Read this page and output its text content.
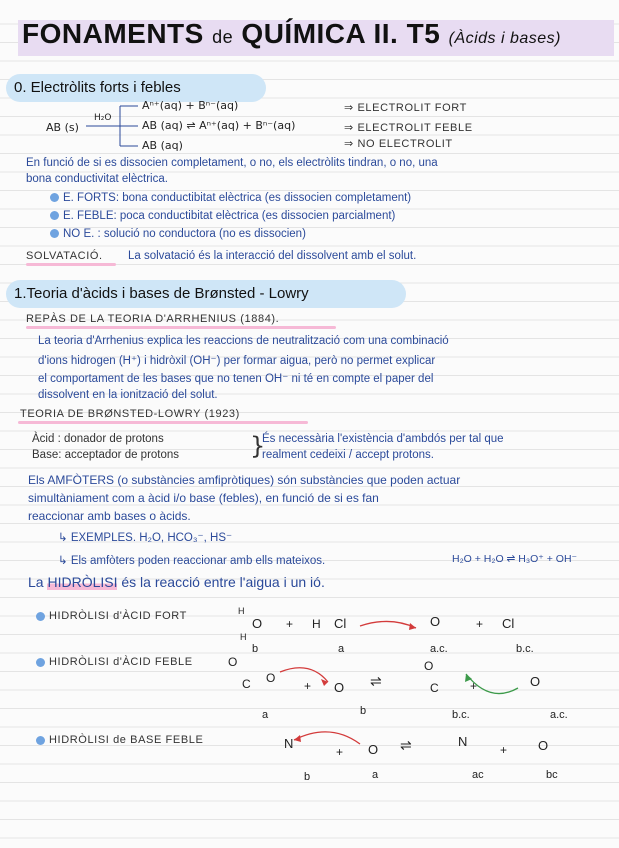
FONAMENTS de QUÍMICA II. T5 (Àcids i bases)
0. Electròlits forts i febles
AB (s)
H₂O
Aⁿ⁺(aq) + Bⁿ⁻(aq)
AB (aq) ⇌ Aⁿ⁺(aq) + Bⁿ⁻(aq)
AB (aq)
⇒ ELECTROLIT FORT
⇒ ELECTROLIT FEBLE
⇒ NO ELECTROLIT
En funció de si es dissocien completament, o no, els electròlits tindran, o no, una
bona conductivitat elèctrica.
E. FORTS: bona conductibitat elèctrica (es dissocien completament)
E. FEBLE: poca conductibitat elèctrica (es dissocien parcialment)
NO E. : solució no conductora (no es dissocien)
SOLVATACIÓ. La solvatació és la interacció del dissolvent amb el solut.
1.Teoria d'àcids i bases de Brønsted - Lowry
REPÀS DE LA TEORIA D'ARRHENIUS (1884).
La teoria d'Arrhenius explica les reaccions de neutralització com una combinació
d'ions hidrogen (H⁺) i hidròxil (OH⁻) per formar aigua, però no permet explicar
el comportament de les bases que no tenen OH⁻ ni té en compte el paper del
dissolvent en la ionització del solut.
TEORIA DE BRØNSTED-LOWRY (1923)
Àcid : donador de protons
Base: acceptador de protons	}
És necessària l'existència d'ambdós per tal que
realment cedeixi / accept protons.
Els AMFÒTERS (o substàncies amfipròtiques) són substàncies que poden actuar
simultàniament com a àcid i/o base (febles), en funció de si es fan
reaccionar amb bases o àcids.
↳ EXEMPLES. H₂O, HCO₃⁻, HS⁻
↳ Els amfòters poden reaccionar amb ells mateixos.	H₂O + H₂O ⇌ H₃O⁺ + OH⁻
La HIDRÒLISI és la reacció entre l'aigua i un ió.
HIDRÒLISI d'ÀCID FORT
HIDRÒLISI d'ÀCID FEBLE
HIDRÒLISI de BASE FEBLE
O
H
H
+ H Cl	O	+ Cl
b	a	a.c.	b.c.
O
C O
+ O ⇌
O
C	+	O
a	b	b.c.	a.c.
N
+ O ⇌	N
+ O
b	a	ac	bc
